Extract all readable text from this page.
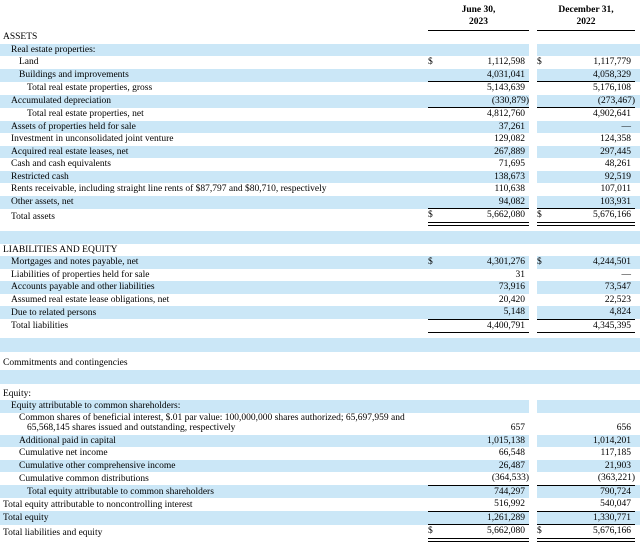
	June 30,
2023			December 31,
2022		
ASSETS						
Real estate properties:						
Land	$	1,112,598		$	1,117,779	
Buildings and improvements		4,031,041			4,058,329	
Total real estate properties, gross		5,143,639			5,176,108	
Accumulated depreciation		(330,879)			(273,467)	
Total real estate properties, net		4,812,760			4,902,641	
Assets of properties held for sale		37,261			—	
Investment in unconsolidated joint venture		129,082			124,358	
Acquired real estate leases, net		267,889			297,445	
Cash and cash equivalents		71,695			48,261	
Restricted cash		138,673			92,519	
Rents receivable, including straight line rents of $87,797 and $80,710, respectively		110,638			107,011	
Other assets, net		94,082			103,931	
Total assets	$	5,662,080		$	5,676,166	

LIABILITIES AND EQUITY						
Mortgages and notes payable, net	$	4,301,276		$	4,244,501	
Liabilities of properties held for sale		31			—	
Accounts payable and other liabilities		73,916			73,547	
Assumed real estate lease obligations, net		20,420			22,523	
Due to related persons		5,148			4,824	
Total liabilities		4,400,791			4,345,395	

Commitments and contingencies						

Equity:						
Equity attributable to common shareholders:						
Common shares of beneficial interest, $.01 par value: 100,000,000 shares authorized; 65,697,959 and 65,568,145 shares issued and outstanding, respectively		657			656	
Additional paid in capital		1,015,138			1,014,201	
Cumulative net income		66,548			117,185	
Cumulative other comprehensive income		26,487			21,903	
Cumulative common distributions		(364,533)			(363,221)	
Total equity attributable to common shareholders		744,297			790,724	
Total equity attributable to noncontrolling interest		516,992			540,047	
Total equity		1,261,289			1,330,771	
Total liabilities and equity	$	5,662,080		$	5,676,166	
